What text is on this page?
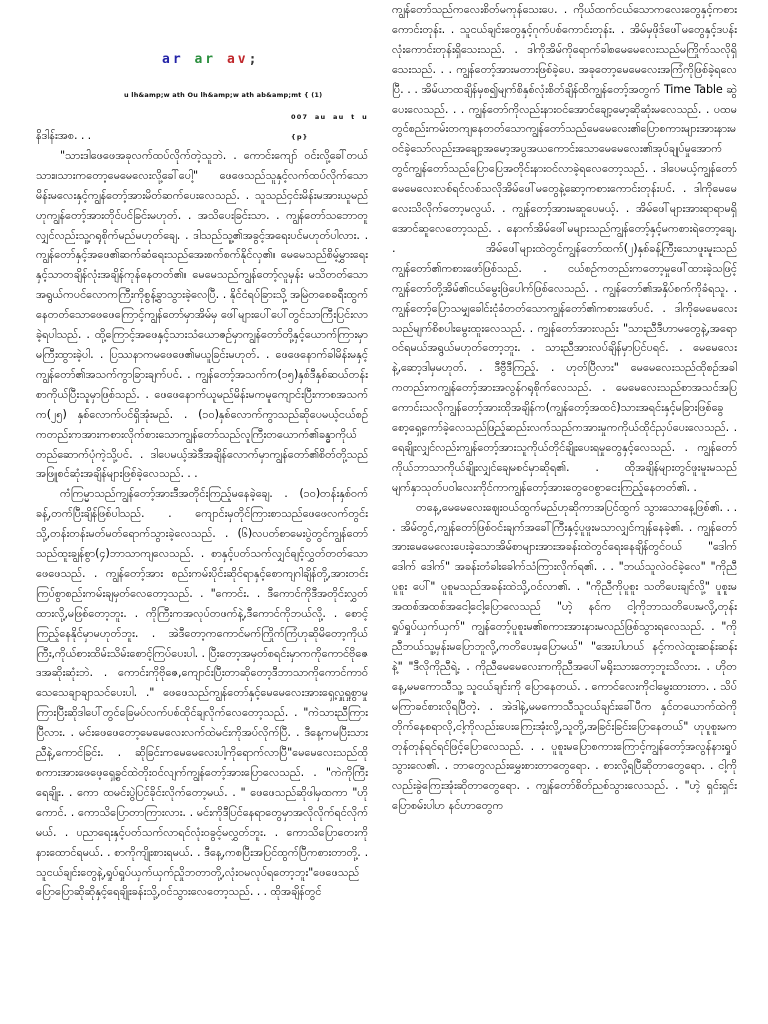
ar ar av;
u lh&amp;w ath Ou lh&amp;w ath ab&amp;mt { (1)
007 au au t u {p}

နိဒါန်းအစ. . .

"သားဒါဖေဖေအခုလက်ထပ်လိုက်တဲ့သူဘဲ. . ကောင်းကျော် ဝင်းလို့ခေါ်တယ်သား။သားကတော့မေမေလေးလို့ခေါ်ပေါ့" ဖေဖေသည်သူနှင့်လက်ထပ်လိုက်သောမိန်းမလေးနှင့်ကျွန်တော့်အားမိတ်ဆက်ပေးလေသည်. . သူသည်ငှင်းမိန်းမအားယူမည်ဟုကျွန်တော့်အားတိုင်ပင်ခြင်းမဟုတ်. . အသိပေးခြင်းသာ. . ကျွန်တော်သဘောတူလျှင်လည်းသူ့ဂရုစိုက်မည်မဟုတ်ချေ. . ဒါသည်သူ့၏အခွင့်အရေးပင်မဟုတ်ပါလား. . ကျွန်တော်နှင့်အဖေ၏ဆက်ဆံရေးသည်အေးစက်စက်နိုင်လှ၏။ မေမေသည်စိမ့်မွှားရေးနှင့်သာတချိန်လုံးအချိန်ကုန်နေတတ်၏။ မေမေသည်ကျွန်တော့်လူမှန်း မသိတတ်သောအရွယ်ကပင်လောကကြီးကိုစွန့်ခွာသွားခဲ့လေပြီ. . နိုင်ငံရပ်ခြားသို့ အမြဲတစေခရီးထွက်နေတတ်သောဖေဖေကြောင့်ကျွန်တော်မှာအိမ်မှ ဖေါ်များပေါ်ပေါ်တွင်သာကြီးပြင်းလာခဲ့ရပါသည်. . ထို့ကြောင့်အဖေနှင့်သားသံယောဇဉ်မှာကျွန်တော်တို့နှင့်ယောက်ကြားမှာမကြီးထွားခဲ့ပါ. . ပြဿနာကမဖေဖေ၏မယူခြင်းမဟုတ်. . ဖေဖေနောက်ခါမိန်းမနှင့်ကျွန်တော်၏အသက်ကွာခြားချက်ပင်. . ကျွန်တော့်အသက်က(၁၅)နှစ်ဒီနှစ်ဆယ်တန်းစာကိုယ်ပြီးသူမှာဖြစ်သည်. . ဖေဖေနောက်ယူမည်မိန်းမကမူကျောင်းပြီးကာစအသက်က(၂၅) နှစ်လောက်ပင်ရှိအုံးမည်. . (၁၀)နှစ်လောက်ကွာသည်ဆိုပေမယ့်ငယ်စဉ်ကတည်းကအားကစားလိုက်စားသောကျွန်တော်သည်လူကြီးတယောက်၏ခန္ဓာကိုယ်တည်ဆောက်ပုံကဲ့သို့ပင်. . ဒါပေမယ့်အဲဒီအချိန်လောက်မှာကျွန်တော်၏စိတ်တို့သည်အဖြူစင်ဆုံးအချိန်များဖြစ်ခဲ့လေသည်. . .

ကံကြမ္မာသည်ကျွန်တော့်အားဒီအတိုင်းကြည့်မနေခဲ့ချေ. . (၁၀)တန်းနှစ်ဝက်ခန့်,တက်ပြီးချိန်ဖြစ်ပါသည်. . ကျောင်းမှတိုင်ကြားစာသည်ဖေဖေလက်တွင်းသို့,တန်းတန်းမတ်မတ်ရောက်သွားခဲ့လေသည်. . (၆)လပတ်စာမေးပွဲတွင်ကျွန်တော်သည်ထူးချွန်စွာ(၄)ဘာသာကျလေသည်. . စာနှင့်ပတ်သက်လျှင်ဓျင့်လွှတ်တတ်သောဖေဖေသည်. . ကျွန်တော့်အား စည်းကမ်းပိုင်းဆိုင်ရာနှင့်စောကျဂါချိန်တို့,အားတင်းကြပ်စွာစည်းကမ်းချမှတ်လေတော့သည်. . "ကောင်း. . ဒီကောင်ကိုဒီအတိုင်းလွှတ်ထားလို့,မဖြစ်တော့ဘူး. . ကိုကြီးကအလုပ်တဖက်နဲ့,ဒီကောင်ကိုဘယ်လို့. . စောင့်ကြည့်နေနိုင်မှာမဟုတ်ဘူး. . အဲဒီတော့ကကောင်မက်ကြိုက်ကြံဟုဆိုမိတော့ကိုယ်ကြီး,ကိုယ်စားထိမ်းသိမ်းစောင့်ကြပ်ပေးပါ. . ပြီးတော့အမှတ်စရင်းမှာကကိုကောင်ဗိုဇေဒအဆိုးဆုံးဘဲ. . ကောင်းကိုဗိုဇေ,ကျောင်းပြီးတာဆိုတော့ဒီဘာသာကိုကောင်ကာ၀်သေသေချာချာသင်ပေးပါ. ." ဖေဖေသည်ကျွန်တော်နှင့်မေမေလေးအားရှေ့လှူရှုစွာမှုကြားပြီးဆိုဒါပေါ်တွင်ခြေမပ်လက်ပစ်ထိုင်ချလိုက်လေတော့သည်. . "ကဲသားညီကြားပြီလား. . မင်းဖေဖေတော့မေမေလေးလက်ထဲမင်းကိုအပ်လိုက်ပြီ. . ဒီနေ့ကမပြီးသားညီနဲ့,ကောင်ခြင်း. . ဆိုခြင်းကမေမေလေးပါ့ကိုရောက်လာပြီ"မေမေလေးသည်ထိုစကားအားဖေဖေ့ရှေ့ခွင်ထဲတိုးဝင်လျက်ကျွန်တော့်အားပြောလေသည်. . "ကဲကိုကြီးရေချိုး. . ကော ထမင်းပွဲပြင်ခိုင်းလိုက်တော့မယ်. . " ဖေဖေသည်ဆိုဖါမှထကာ "ဟိုကောင်. . ကောသိပြောတာကြားလား. . မင်းကိုဒီပြင်နေရာတွေမှာအလိုလိုက်ရင်လိုက်မယ်. . ပညာရေးနှင့်ပတ်သက်လာရင်လုံးဝခွင့်မလွှတ်ဘူး. . ကောသိပြောတေးကိုနားထောင်ရမယ်. . စာကိုကျိုးစားရမယ်. . ဒီနေ့,ကစပြီးအပြင်ထွက်ပြီကစားတာတို့. . သူငယ်ချင်းတွေနဲ့,ရှုပ်ရှုပ်ယှက်ယှက်ညှိုဘတာတို့,လုံးဝမလုပ်ရတော့ဘူး"ဖေဖေသည်ပြောပြောဆိုဆိုနှင့်ရေချိုးခန်းသို့,ဝင်သွားလေတော့သည်. . . ထိုအချိန်တွင်

ကျွန်တော်သည်ကလေးစိတ်မကုန်သေးပေ. . ကိုယ်ထက်ငယ်သောကလေးတွေနှင့်ကစားကောင်းတုန်း. . သူငယ်ချင်းတွေနှင့်ဂုက်ပစ်ကောင်းတုန်း. . အိမ်မှဖိုဒ်ဖေါ်မတွေနှင့်ဒပန်းလုံးကောင်းတုန်းရှိသေးသည်. . ဒါကိုအိမ်ကိုရောက်ခါစမေမေလေးသည်မကြိုက်သလိုရှိသေးသည်. . . ကျွန်တော့်အားမတားဖြစ်ခဲ့ပေ. အခုတော့မေမေလေးအကြံကိုဖြစ်ခဲ့ရလေပြီ. . . အိမ်ယာထချိန်မှစ၍မျက်စိနှစ်လုံးစိတ်ချိန်ထိကျွန်တော့်အတွက် Time Table ဆွဲပေးလေသည်. . . ကျွန်တော်ကိုလည်းနားဝင်အောင်ချော့မော့ဆိုဆုံးမလေသည်. . ပထမတွင်စည်းကမ်းတကျနေတတ်သောကျွန်တော်သည်မေမေလေး၏ပြောစကားများအားနားမဝင်ခဲ့သော်လည်းအချော့အမော့အပွအယကောင်းသောမေမေလေး၏အုပ်ချုပ်မှုအောက်တွင်ကျွန်တော်သည်ပြောပြေအတိုင်းနားဝင်လာခဲ့ရလေတော့သည်. . ဒါပေမယ့်ကျွန်တော်မေမေလေးလစ်ရင်လစ်သလိုအိမ်ဖေါ်မတွေနဲ့ဆော့ကစားကောင်းတုန်းပင်. . ဒါကိုမေမေလေးသိလိုက်တော့မလွယ်. . ကျွန်တော့်အားမဆူပေမယ့်. . အိမ်ဖေါ်များအားရာရာမရှိအောင်ဆူလေတော့သည်. . နောက်အိမ်ဖေါ်မများသည်ကျွန်တော့်နှင့်မကစားရဲတော့ချေ. . အိမ်ဖေါ်များထဲတွင်ကျွန်တော်ထက်(၂)နှစ်ခန့်ကြီးသောဖူးမူးသည်ကျွန်တော်၏ကစားဖော်ဖြစ်သည်. . ငယ်စဉ်ကတည်းကတော့မှုဖေါ်ထားခဲ့သဖြင့်ကျွန်တော်တို့အိမ်၏ငယ်မွေးဖြဲပေါက်ဖြစ်လေသည်. . ကျွန်တော်၏အနှိပ်စက်ကိုခံရသူ. . ကျွန်တော့်ပြောသမျှခေါင်းငုံခံတတ်သောကျွန်တော်၏ကစားဖော်ပင်. . ဒါကိုမေမေလေးသည်မျက်စိစပါးမွေးထူးလေသည်. . ကျွန်တော်အားလည်း "သားညီဒီဟာမတွေနဲ့,အရောဝင်ရမယ်အရွယ်မဟုတ်တော့ဘူး. . သားညီအားလပ်ချိန်မှာပြင်ပရင်. . မေမေလေးနဲ့,ဆော့ဒါမှမဟုတ်. . ဒီဗွီဒီကြည့်. . ဟုတ်ပြီလား" မေမေလေးသည်ထိုစဉ်အခါကတည်းကကျွန်တော့်အားအလွန်ဂရုစိုက်လေသည်. . မေမေလေးသည်စာအသင်အပြကောင်းသလိုကျွန်တော့်အားထိုအချိန်က(ကျွန်တော့်အထင်)သားအရင်းနှင့်မခြားဖြစ်ခွေစော့ရှေ့ကော်ခဲ့လေသည်ဖြည့်ဆည်းလက်သည်ကအားမှုကကိုယ်ထိုင်ညှပ်ပေးလေသည်. . ရေချိုးလျှင်လည်းကျွန်တော့်အားသူကိုယ်တိုင်ချိုးပေးရမှုတွေနှင့်လေသည်. . ကျွန်တော်ကိုယ်ဘာသာကိုယ်ချိုးလျှင်ချေမစင်မှာဆိုရ၏. . ထိုအချိန်များတွင်ဖူးမူးမသည်မျက်နှာသုတ်ပဝါလေးကိုင်ကာကျွန်တော့်အားတွေဝေစွာငေးကြည့်နေတတ်၏. .

တနေ့,မေမေလေးဈေးဝယ်ထွက်မည်ဟုဆိုကာအပြင်ထွက် သွားသောနေ့ဖြစ်၏. . . . အိမ်တွင်,ကျွန်တော်ဖြစ်ဝင်းချက်အခေါ်ကြီးနှင့်ပူဖူးမသာလျှင်ကျန်နေခဲ့၏. . ကျွန်တော်အားမေမေလေးပေးခဲ့သောအိမ်စာများအားအခန်းထဲတွင်ရေးနေချိန်တွင်ဝယ် "ဒေါက် ဒေါက် ဒေါက်" အခန်းတံခါးခေါက်သံကြားလိုက်ရ၏. . . "ဘယ်သူလဲဝင်ခဲ့လေ" "ကိုညီ ပူစူး ပေါ်" ပူစူမသည်အခန်းထဲသို့,ဝင်လာ၏. . "ကိုညီကိုပူစူး သတိပေးချင်လို့" ပူစူးမအထစ်အထစ်အငေါ့ငေါ့ပြောလေသည် "ဟဲ့ နင်က ငါ့ကိုဘာသတိပေးမလို့,တုန်း ရှုပ်ရှုပ်ယှက်ယှက်" ကျွန်တော့်ပူစူးမ၏စကားအားနားမလည်ဖြစ်သွားရလေသည်. . "ကိုညီဘယ်သူ့မှန်းမပြောဘူလို့,ကတိပေးမှပြောမယ်" "အေးပါဟယ် နင့်ကလဲထူးဆန်းဆန်းနဲ့" "ဒီလိုကိုညီရဲ့. . ကိုညီမေမေလေးကကိုညီအပေါ်မရိုးသားတော့ဘူးသိလား. . ဟိုတနေ့,မမကောသီသူ့ သူငယ်ချင်းကို ပြောနေတယ်. . ကောင်လေးကိုငါမွေးထားတာ. . သိပ်မကြာခင်စားလိုရပြီတဲ့. . အဲဒါနဲ့,မမကောသီသူငယ်ချင်းခေါ်ပီက နှင်တယောက်ထဲကိုတိုက်နေစရာလို,ငါ့ကိုလည်းပေးကြေးအုံးလို့,သူတို့,အခြင်းခြင်းပြောနေတယ်" ဟုပူစူးမကတုန်တုန်ရင်ရင်ဖြင့်ပြောလေသည်. . . ပူစူးမပြောစကားကြောင့်ကျွန်တော့်အလွန်နားရှုပ်သွားလေ၏. . ဘာတွေလည်းမွှေးစားတာတွေရော. . စားလို့ရပြီဆိုတာတွေရော. . ငါ့ကိုလည်းခွဲကြေးအုံးဆိုတာတွေရော. . ကျွန်တော်စိတ်ညစ်သွားလေသည်. . "ဟဲ့ ရှင်းရှင်းပြောစမ်းပါဟ နင်ဟာတွေက
